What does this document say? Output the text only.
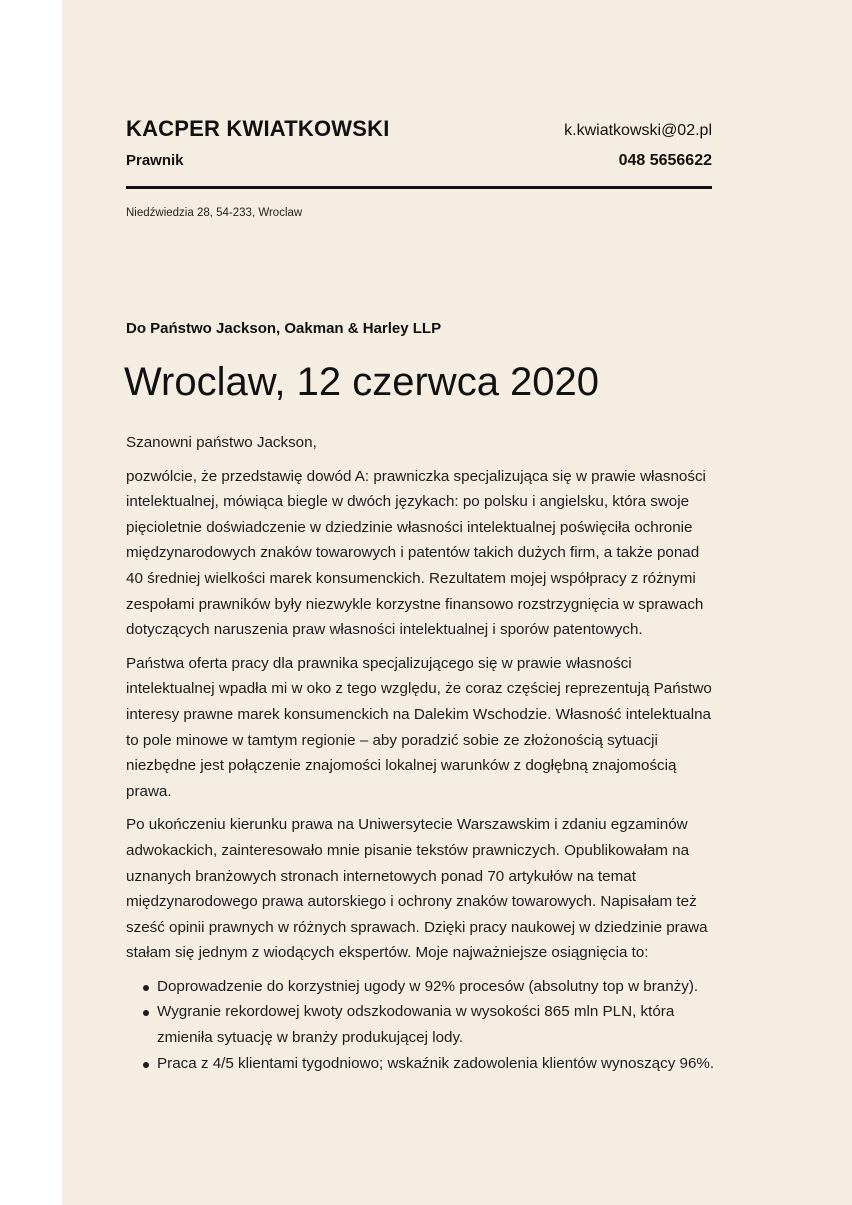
KACPER KWIATKOWSKI
Prawnik
k.kwiatkowski@02.pl
048 5656622
Niedźwiedzia 28, 54-233, Wroclaw
Do Państwo Jackson, Oakman & Harley LLP
Wroclaw, 12 czerwca 2020

Szanowni państwo Jackson,

pozwólcie, że przedstawię dowód A: prawniczka specjalizująca się w prawie własności intelektualnej, mówiąca biegle w dwóch językach: po polsku i angielsku, która swoje pięcioletnie doświadczenie w dziedzinie własności intelektualnej poświęciła ochronie międzynarodowych znaków towarowych i patentów takich dużych firm, a także ponad 40 średniej wielkości marek konsumenckich. Rezultatem mojej współpracy z różnymi zespołami prawników były niezwykle korzystne finansowo rozstrzygnięcia w sprawach dotyczących naruszenia praw własności intelektualnej i sporów patentowych.

Państwa oferta pracy dla prawnika specjalizującego się w prawie własności intelektualnej wpadła mi w oko z tego względu, że coraz częściej reprezentują Państwo interesy prawne marek konsumenckich na Dalekim Wschodzie. Własność intelektualna to pole minowe w tamtym regionie – aby poradzić sobie ze złożonością sytuacji niezbędne jest połączenie znajomości lokalnej warunków z dogłębną znajomością prawa.

Po ukończeniu kierunku prawa na Uniwersytecie Warszawskim i zdaniu egzaminów adwokackich, zainteresowało mnie pisanie tekstów prawniczych. Opublikowałam na uznanych branżowych stronach internetowych ponad 70 artykułów na temat międzynarodowego prawa autorskiego i ochrony znaków towarowych. Napisałam też sześć opinii prawnych w różnych sprawach. Dzięki pracy naukowej w dziedzinie prawa stałam się jednym z wiodących ekspertów. Moje najważniejsze osiągnięcia to:

Doprowadzenie do korzystniej ugody w 92% procesów (absolutny top w branży).
Wygranie rekordowej kwoty odszkodowania w wysokości 865 mln PLN, która zmieniła sytuację w branży produkującej lody.
Praca z 4/5 klientami tygodniowo; wskaźnik zadowolenia klientów wynoszący 96%.
